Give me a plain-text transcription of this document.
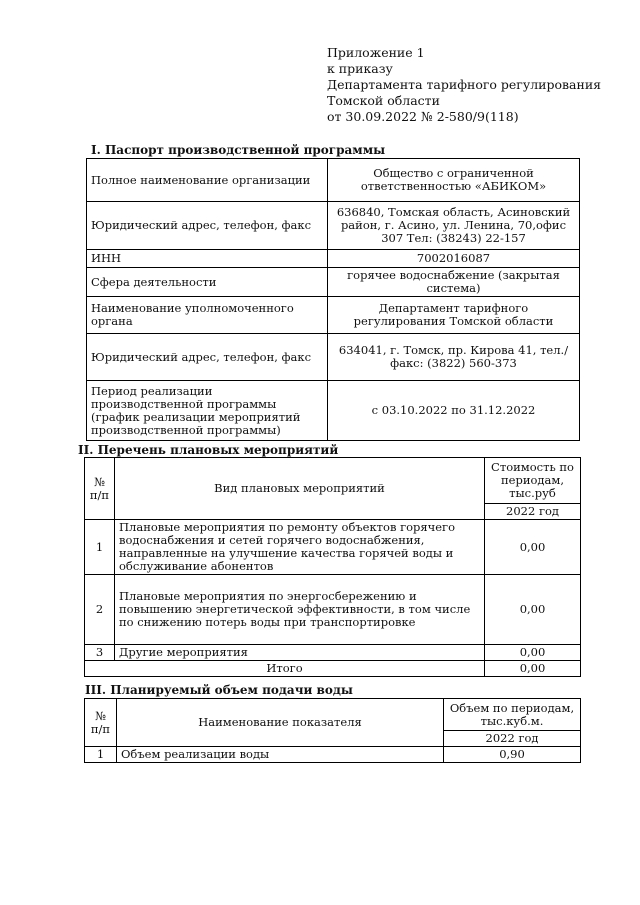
Приложение 1
к приказу
Департамента тарифного регулирования
Томской области
от 30.09.2022 № 2-580/9(118)
I. Паспорт производственной программы
Полное наименование организации	Общество с ограниченной ответственностью «АБИКОМ»
Юридический адрес, телефон, факс	636840, Томская область, Асиновский район, г. Асино, ул. Ленина, 70,офис 307 Тел: (38243) 22-157
ИНН	7002016087
Сфера деятельности	горячее водоснабжение (закрытая система)
Наименование уполномоченного органа	Департамент тарифного регулирования Томской области
Юридический адрес, телефон, факс	634041, г. Томск, пр. Кирова 41, тел./факс: (3822) 560-373
Период реализации производственной программы (график реализации мероприятий производственной программы)	с 03.10.2022 по 31.12.2022
II. Перечень плановых мероприятий
№ п/п	Вид плановых мероприятий	Стоимость по периодам, тыс.руб
		2022 год
1	Плановые мероприятия по ремонту объектов горячего водоснабжения и сетей горячего водоснабжения, направленные на улучшение качества горячей воды и обслуживание абонентов	0,00
2	Плановые мероприятия по энергосбережению и повышению энергетической эффективности, в том числе по снижению потерь воды при транспортировке	0,00
3	Другие мероприятия	0,00
Итого		0,00
III. Планируемый объем подачи воды
№ п/п	Наименование показателя	Объем по периодам, тыс.куб.м.
		2022 год
1	Объем реализации воды	0,90
